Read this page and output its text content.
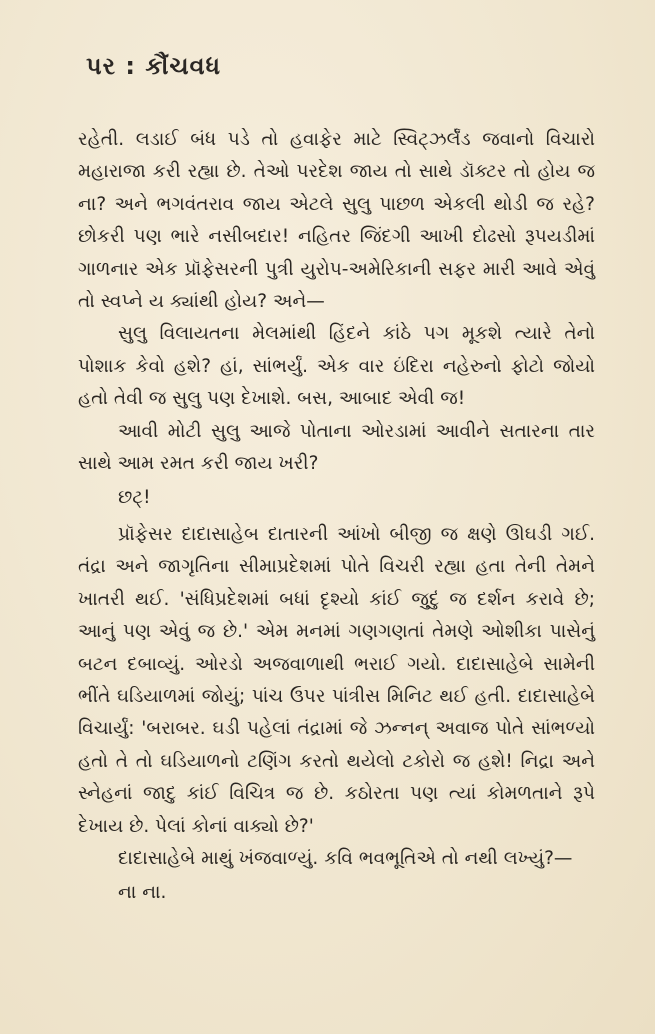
પર : કૌંચવધ

રહેતી. લડાઈ બંધ પડે તો હવાફેર માટે સ્વિટ્ઝર્લૅંડ જવાનો વિચારો મહારાજા કરી રહ્યા છે. તેઓ પરદેશ જાય તો સાથે ડૉક્ટર તો હોય જ ના? અને ભગવંતરાવ જાય એટલે સુલુ પાછળ એકલી થોડી જ રહે? છોકરી પણ ભારે નસીબદાર! નહિતર જિંદગી આખી દોઢસો રૂપયડીમાં ગાળનાર એક પ્રૉફેસરની પુત્રી યુરોપ-અમેરિકાની સફર મારી આવે એવું તો સ્વપ્ને ય ક્યાંથી હોય? અને—

સુલુ વિલાયતના મેલમાંથી હિંદને કાંઠે પગ મૂકશે ત્યારે તેનો પોશાક કેવો હશે? હાં, સાંભર્યું. એક વાર ઇંદિરા નહેરુનો ફોટો જોયો હતો તેવી જ સુલુ પણ દેખાશે. બસ, આબાદ એવી જ!

આવી મોટી સુલુ આજે પોતાના ઓરડામાં આવીને સતારના તાર સાથે આમ રમત કરી જાય ખરી?

છટ્!

પ્રૉફેસર દાદાસાહેબ દાતારની આંખો બીજી જ ક્ષણે ઊઘડી ગઈ. તંદ્રા અને જાગૃતિના સીમાપ્રદેશમાં પોતે વિચરી રહ્યા હતા તેની તેમને ખાતરી થઈ. 'સંધિપ્રદેશમાં બધાં દૃશ્યો કાંઈ જુદું જ દર્શન કરાવે છે; આનું પણ એવું જ છે.' એમ મનમાં ગણગણતાં તેમણે ઓશીકા પાસેનું બટન દબાવ્યું. ઓરડો અજવાળાથી ભરાઈ ગયો. દાદાસાહેબે સામેની ભીંતે ઘડિયાળમાં જોયું; પાંચ ઉપર પાંત્રીસ મિનિટ થઈ હતી. દાદાસાહેબે વિચાર્યું: 'બરાબર. ઘડી પહેલાં તંદ્રામાં જે ઝન્નન્ અવાજ પોતે સાંભળ્યો હતો તે તો ઘડિયાળનો ટણિંગ કરતો થયેલો ટકોરો જ હશે! નિદ્રા અને સ્નેહનાં જાદુ કાંઈ વિચિત્ર જ છે. કઠોરતા પણ ત્યાં કોમળતાને રૂપે દેખાય છે. પેલાં કોનાં વાક્યો છે?'

દાદાસાહેબે માથું ખંજવાળ્યું. કવિ ભવભૂતિએ તો નથી લખ્યું?—

ના ના.
